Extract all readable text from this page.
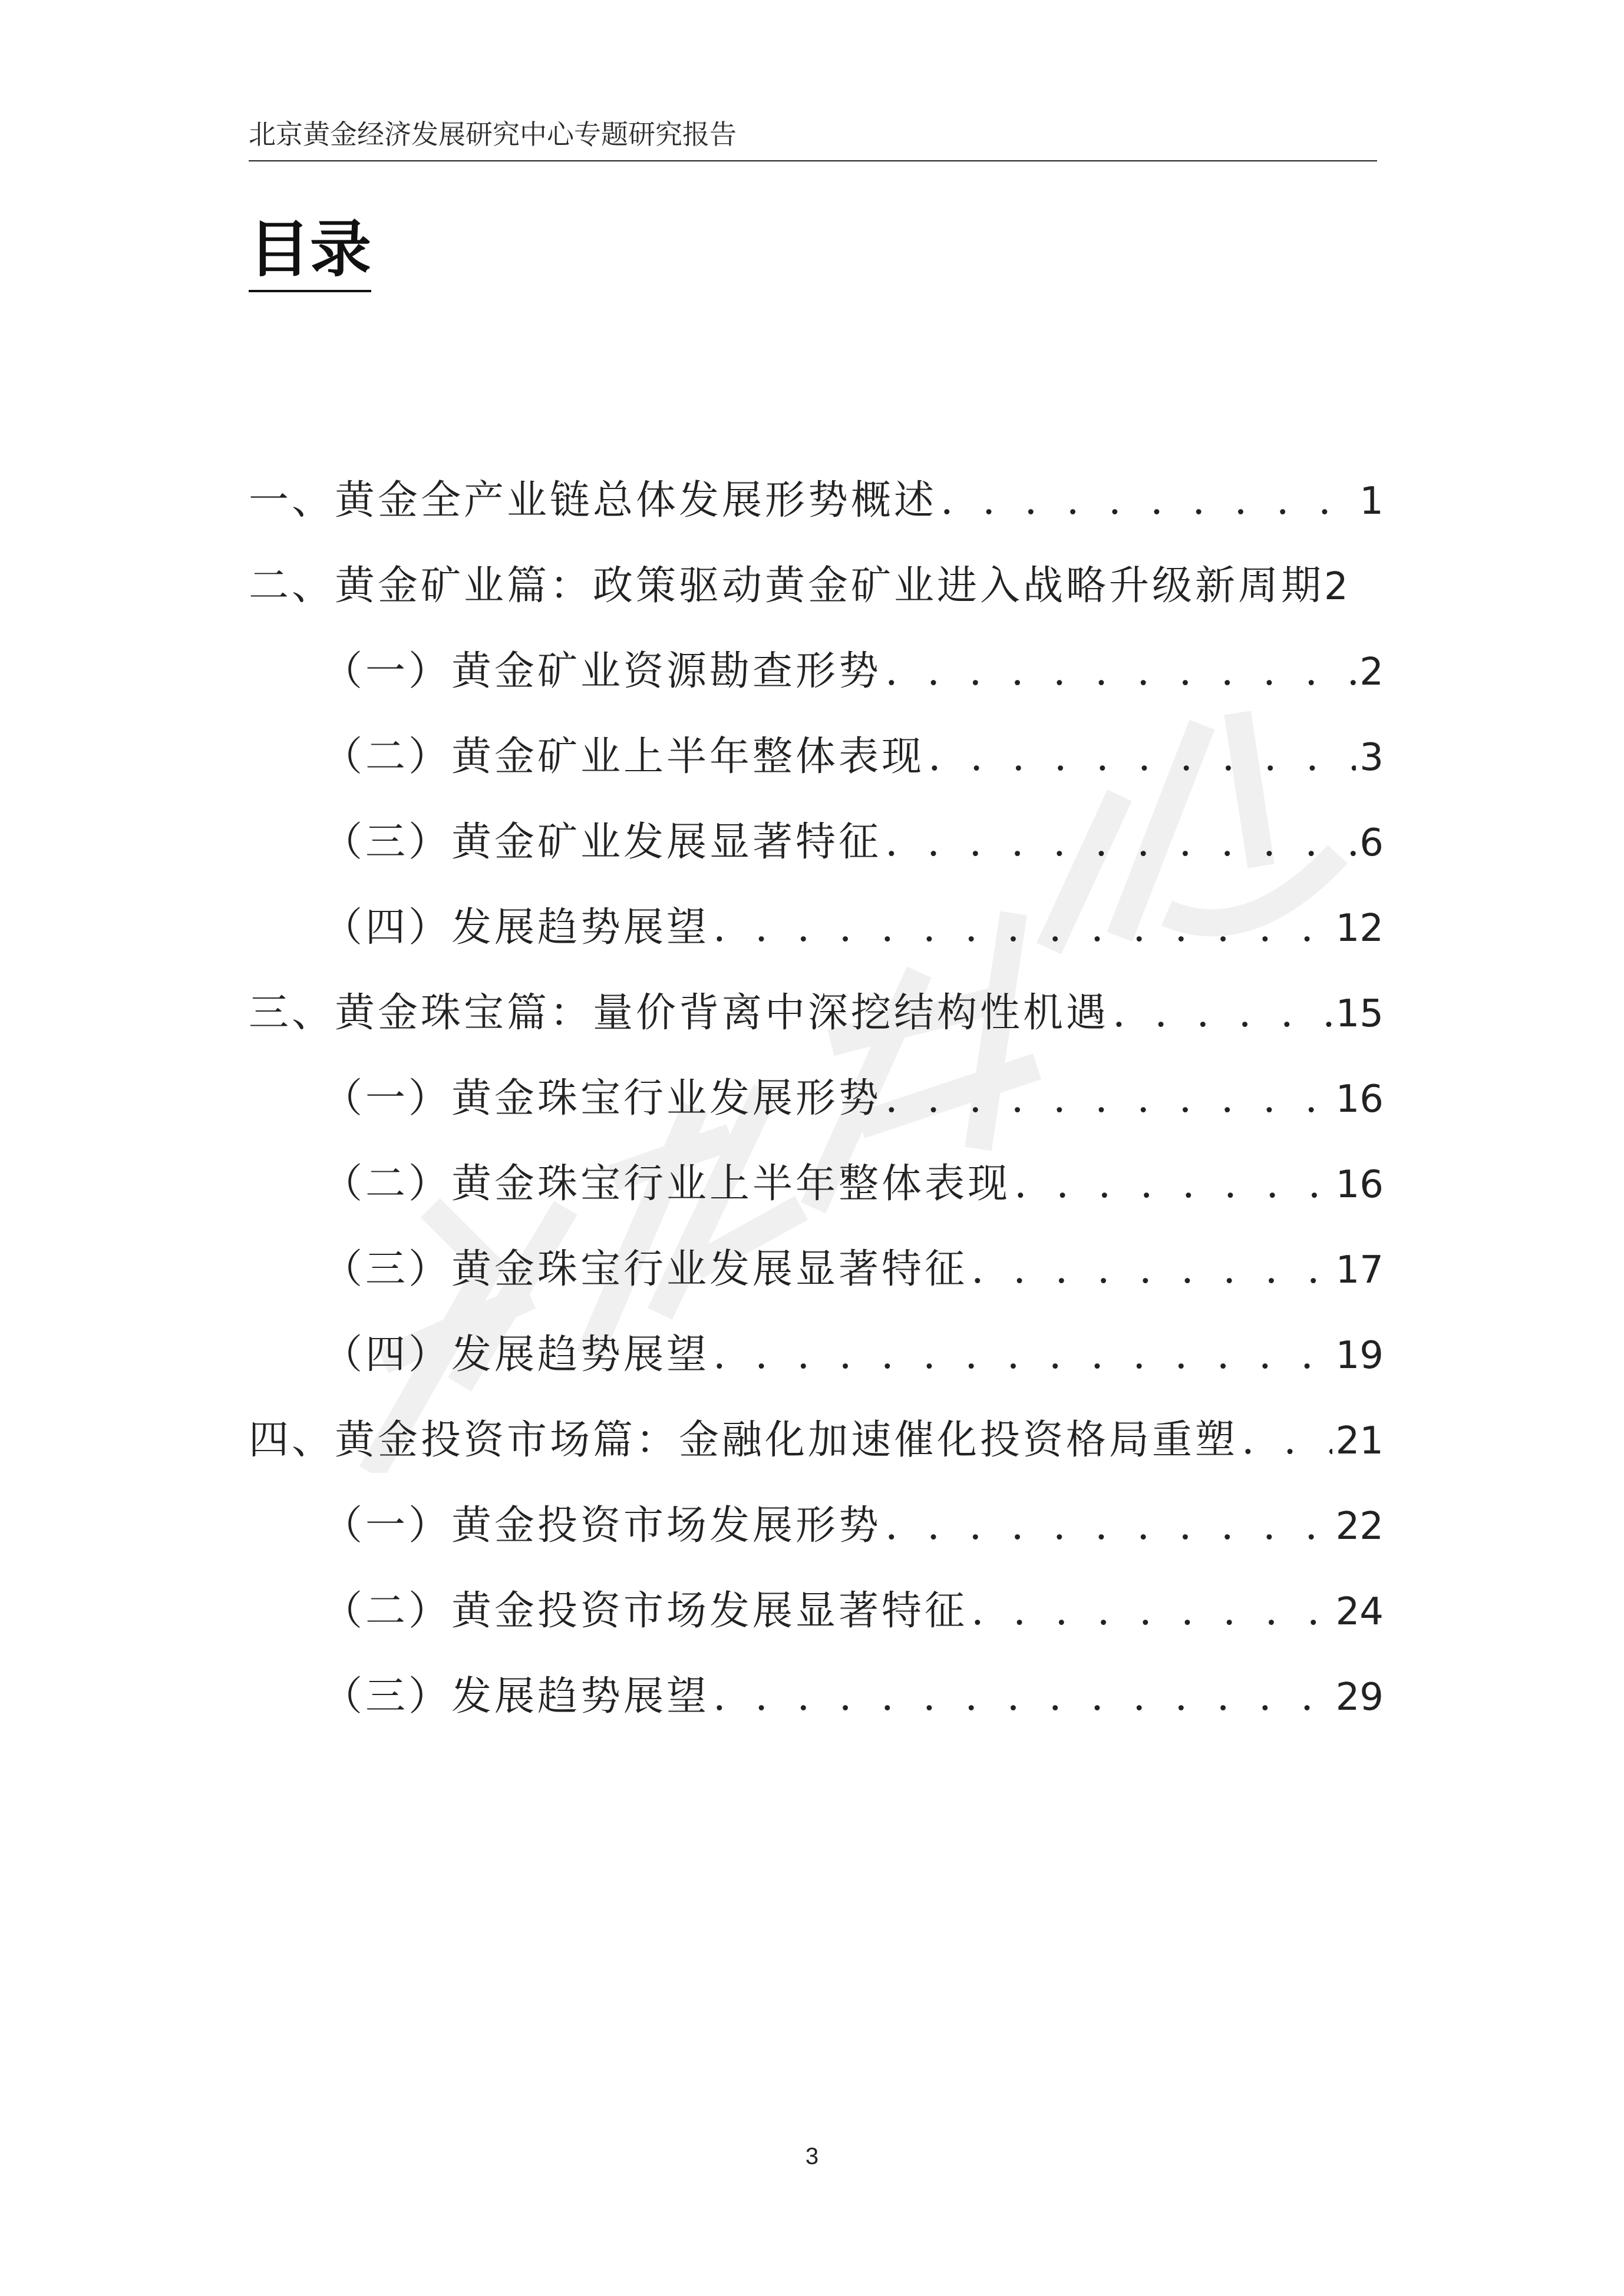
北京黄金经济发展研究中心专题研究报告
目录
一、黄金全产业链总体发展形势概述 . . .	1
二、黄金矿业篇：政策驱动黄金矿业进入战略升级新周期 2
（一）黄金矿业资源勘查形势 . . .	2
（二）黄金矿业上半年整体表现 . . .	3
（三）黄金矿业发展显著特征 . . .	6
（四）发展趋势展望 . . .	12
三、黄金珠宝篇：量价背离中深挖结构性机遇 . . .	15
（一）黄金珠宝行业发展形势 . . .	16
（二）黄金珠宝行业上半年整体表现 . . .	16
（三）黄金珠宝行业发展显著特征 . . .	17
（四）发展趋势展望 . . .	19
四、黄金投资市场篇：金融化加速催化投资格局重塑 . . .	21
（一）黄金投资市场发展形势 . . .	22
（二）黄金投资市场发展显著特征 . . .	24
（三）发展趋势展望 . . .	29
3
